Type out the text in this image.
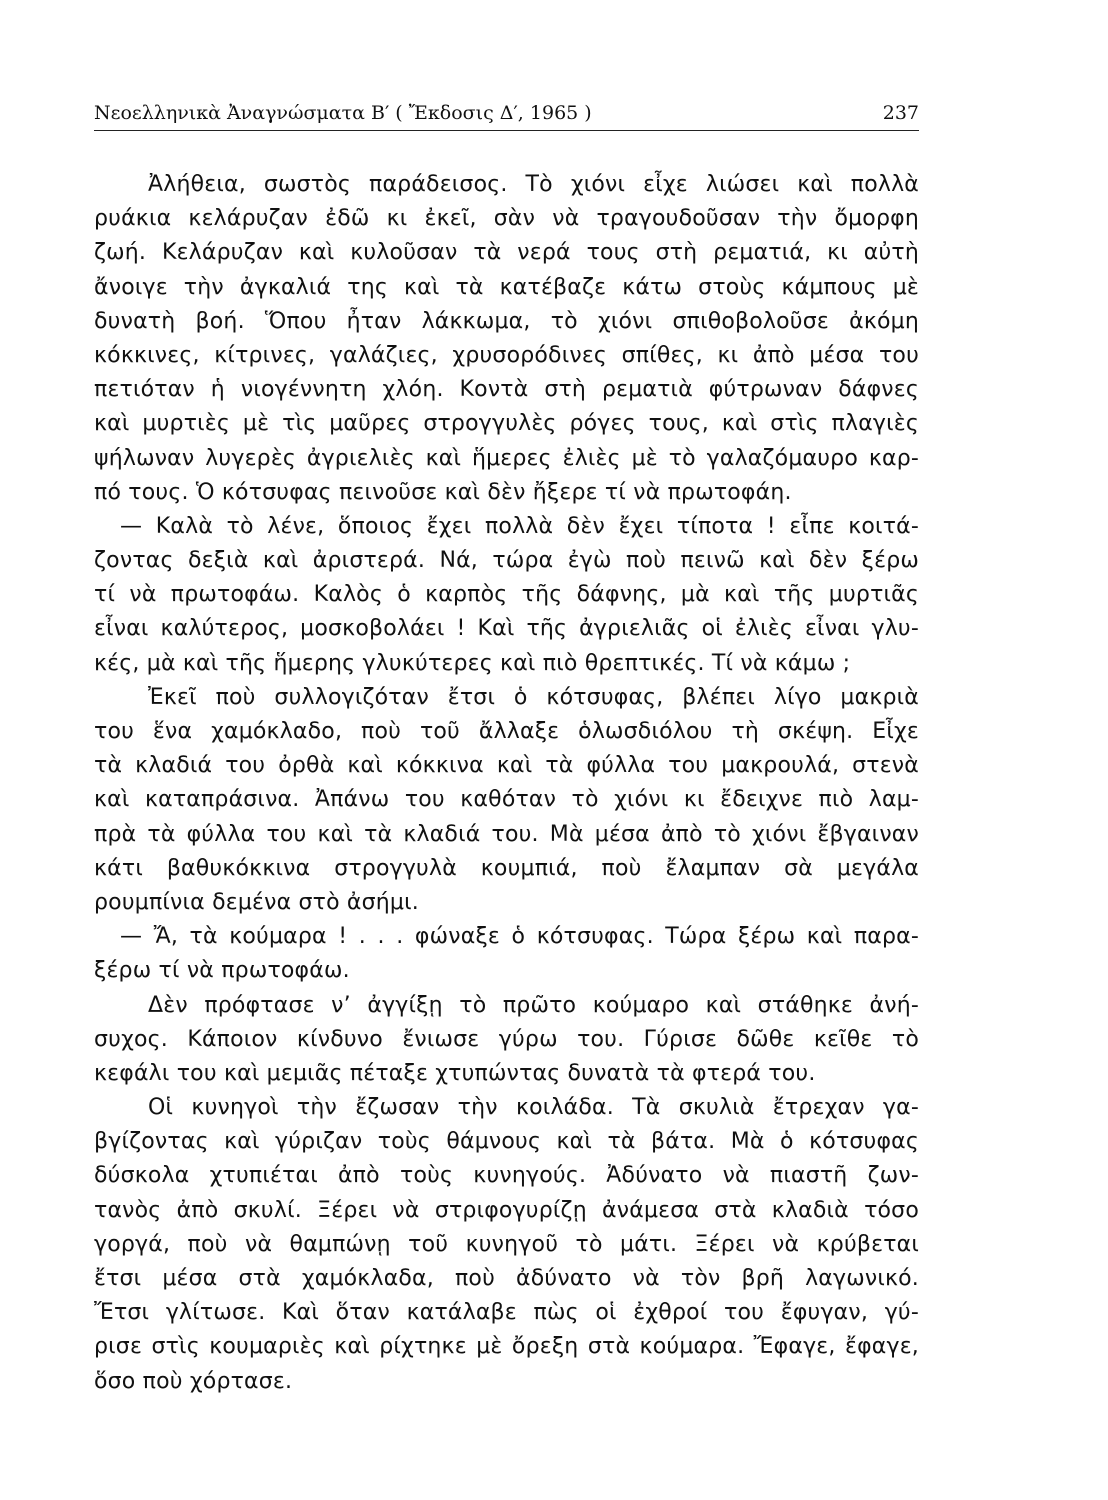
Νεοελληνικὰ Ἀναγνώσματα Β′ ( Ἔκδοσις Δ′, 1965 )	237
Ἀλήθεια, σωστὸς παράδεισος. Τὸ χιόνι εἶχε λιώσει καὶ πολλὰ
ρυάκια κελάρυζαν ἐδῶ κι ἐκεῖ, σὰν νὰ τραγουδοῦσαν τὴν ὄμορφη
ζωή. Κελάρυζαν καὶ κυλοῦσαν τὰ νερά τους στὴ ρεματιά, κι αὐτὴ
ἄνοιγε τὴν ἀγκαλιά της καὶ τὰ κατέβαζε κάτω στοὺς κάμπους μὲ
δυνατὴ βοή. Ὅπου ἦταν λάκκωμα, τὸ χιόνι σπιθοβολοῦσε ἀκόμη
κόκκινες, κίτρινες, γαλάζιες, χρυσορόδινες σπίθες, κι ἀπὸ μέσα του
πετιόταν ἡ νιογέννητη χλόη. Κοντὰ στὴ ρεματιὰ φύτρωναν δάφνες
καὶ μυρτιὲς μὲ τὶς μαῦρες στρογγυλὲς ρόγες τους, καὶ στὶς πλαγιὲς
ψήλωναν λυγερὲς ἀγριελιὲς καὶ ἥμερες ἐλιὲς μὲ τὸ γαλαζόμαυρο καρ-
πό τους. Ὁ κότσυφας πεινοῦσε καὶ δὲν ἤξερε τί νὰ πρωτοφάη.
— Καλὰ τὸ λένε, ὅποιος ἔχει πολλὰ δὲν ἔχει τίποτα ! εἶπε κοιτά-
ζοντας δεξιὰ καὶ ἀριστερά. Νά, τώρα ἐγὼ ποὺ πεινῶ καὶ δὲν ξέρω
τί νὰ πρωτοφάω. Καλὸς ὁ καρπὸς τῆς δάφνης, μὰ καὶ τῆς μυρτιᾶς
εἶναι καλύτερος, μοσκοβολάει ! Καὶ τῆς ἀγριελιᾶς οἱ ἐλιὲς εἶναι γλυ-
κές, μὰ καὶ τῆς ἥμερης γλυκύτερες καὶ πιὸ θρεπτικές. Τί νὰ κάμω ;
Ἐκεῖ ποὺ συλλογιζόταν ἔτσι ὁ κότσυφας, βλέπει λίγο μακριὰ
του ἕνα χαμόκλαδο, ποὺ τοῦ ἄλλαξε ὁλωσδιόλου τὴ σκέψη. Εἶχε
τὰ κλαδιά του ὀρθὰ καὶ κόκκινα καὶ τὰ φύλλα του μακρουλά, στενὰ
καὶ καταπράσινα. Ἀπάνω του καθόταν τὸ χιόνι κι ἔδειχνε πιὸ λαμ-
πρὰ τὰ φύλλα του καὶ τὰ κλαδιά του. Μὰ μέσα ἀπὸ τὸ χιόνι ἔβγαιναν
κάτι βαθυκόκκινα στρογγυλὰ κουμπιά, ποὺ ἔλαμπαν σὰ μεγάλα
ρουμπίνια δεμένα στὸ ἀσήμι.
— Ἄ, τὰ κούμαρα ! . . . φώναξε ὁ κότσυφας. Τώρα ξέρω καὶ παρα-
ξέρω τί νὰ πρωτοφάω.
Δὲν πρόφτασε ν’ ἀγγίξῃ τὸ πρῶτο κούμαρο καὶ στάθηκε ἀνή-
συχος. Κάποιον κίνδυνο ἔνιωσε γύρω του. Γύρισε δῶθε κεῖθε τὸ
κεφάλι του καὶ μεμιᾶς πέταξε χτυπώντας δυνατὰ τὰ φτερά του.
Οἱ κυνηγοὶ τὴν ἔζωσαν τὴν κοιλάδα. Τὰ σκυλιὰ ἔτρεχαν γα-
βγίζοντας καὶ γύριζαν τοὺς θάμνους καὶ τὰ βάτα. Μὰ ὁ κότσυφας
δύσκολα χτυπιέται ἀπὸ τοὺς κυνηγούς. Ἀδύνατο νὰ πιαστῆ ζων-
τανὸς ἀπὸ σκυλί. Ξέρει νὰ στριφογυρίζῃ ἀνάμεσα στὰ κλαδιὰ τόσο
γοργά, ποὺ νὰ θαμπώνῃ τοῦ κυνηγοῦ τὸ μάτι. Ξέρει νὰ κρύβεται
ἔτσι μέσα στὰ χαμόκλαδα, ποὺ ἀδύνατο νὰ τὸν βρῆ λαγωνικό.
Ἔτσι γλίτωσε. Καὶ ὅταν κατάλαβε πὼς οἱ ἐχθροί του ἔφυγαν, γύ-
ρισε στὶς κουμαριὲς καὶ ρίχτηκε μὲ ὄρεξη στὰ κούμαρα. Ἔφαγε, ἔφαγε,
ὅσο ποὺ χόρτασε.
